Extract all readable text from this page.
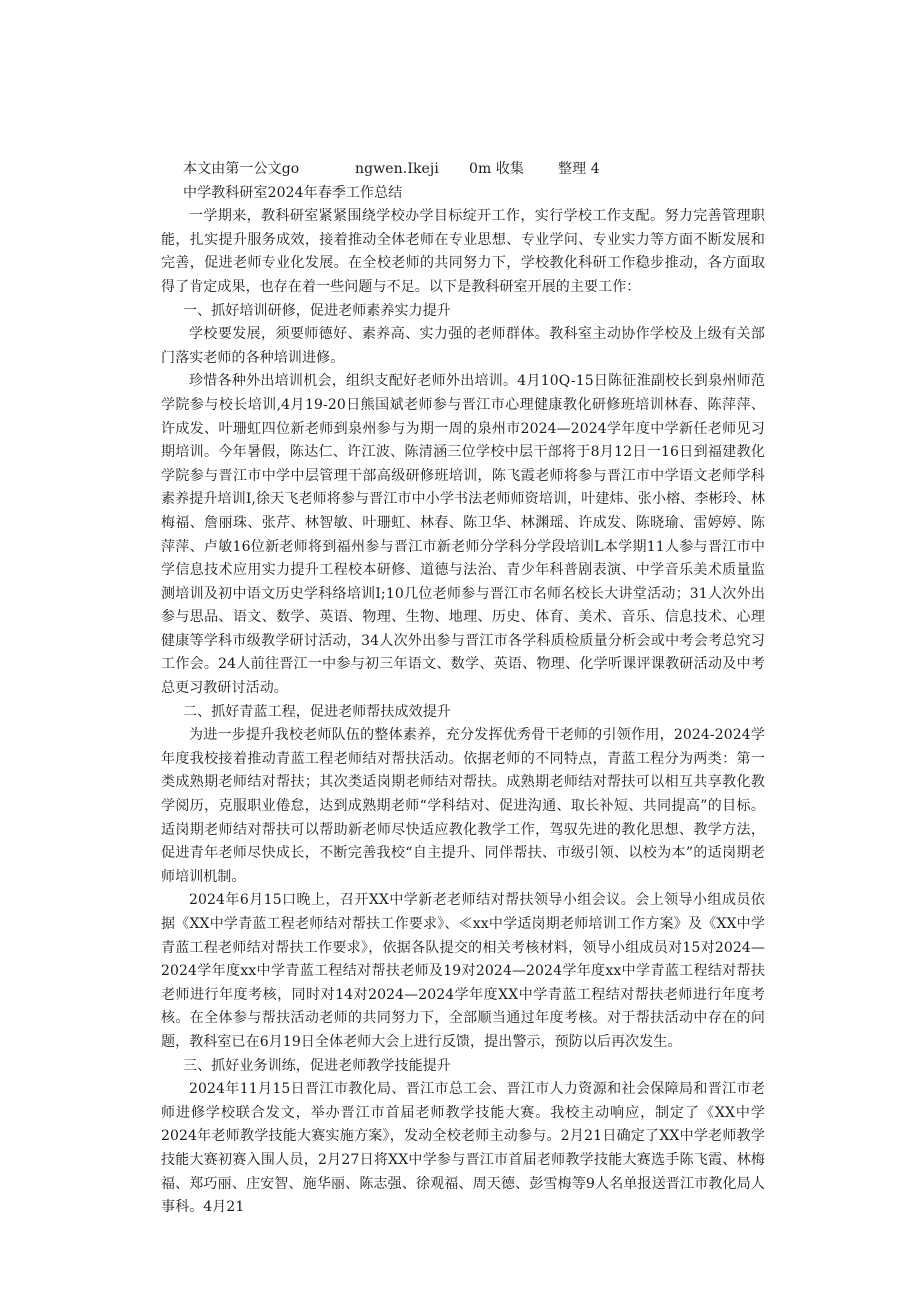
本文由第一公文go	ngwen.Ikeji 0m 收集 整理 4
中学教科研室2024年春季工作总结

一学期来，教科研室紧紧围绕学校办学目标绽开工作，实行学校工作支配。努力完善管理职能，扎实提升服务成效，接着推动全体老师在专业思想、专业学问、专业实力等方面不断发展和完善，促进老师专业化发展。在全校老师的共同努力下，学校教化科研工作稳步推动，各方面取得了肯定成果，也存在着一些问题与不足。以下是教科研室开展的主要工作：

一、抓好培训研修，促进老师素养实力提升

学校要发展，须要师德好、素养高、实力强的老师群体。教科室主动协作学校及上级有关部门落实老师的各种培训进修。

珍惜各种外出培训机会，组织支配好老师外出培训。4月10Q-15日陈征淮副校长到泉州师范学院参与校长培训,4月19-20日熊国斌老师参与晋江市心理健康教化研修班培训林春、陈萍萍、许成发、叶珊虹四位新老师到泉州参与为期一周的泉州市2024—2024学年度中学新任老师见习期培训。今年暑假，陈达仁、许江波、陈清涵三位学校中层干部将于8月12日一16日到福建教化学院参与晋江市中学中层管理干部高级研修班培训，陈飞霞老师将参与晋江市中学语文老师学科素养提升培训I,徐天飞老师将参与晋江市中小学书法老师师资培训，叶建炜、张小榕、李彬玲、林梅福、詹丽珠、张芹、林智敏、叶珊虹、林春、陈卫华、林渊瑶、许成发、陈晓瑜、雷婷婷、陈萍萍、卢敏16位新老师将到福州参与晋江市新老师分学科分学段培训L本学期11人参与晋江市中学信息技术应用实力提升工程校本研修、道德与法治、青少年科普剧表演、中学音乐美术质量监测培训及初中语文历史学科络培训I;10几位老师参与晋江市名师名校长大讲堂活动；31人次外出参与思品、语文、数学、英语、物理、生物、地理、历史、体育、美术、音乐、信息技术、心理健康等学科市级教学研讨活动，34人次外出参与晋江市各学科质检质量分析会或中考会考总究习工作会。24人前往晋江一中参与初三年语文、数学、英语、物理、化学听课评课教研活动及中考总更习教研讨活动。

二、抓好青蓝工程，促进老师帮扶成效提升

为进一步提升我校老师队伍的整体素养，充分发挥优秀骨干老师的引领作用，2024-2024学年度我校接着推动青蓝工程老师结对帮扶活动。依据老师的不同特点，青蓝工程分为两类：第一类成熟期老师结对帮扶；其次类适岗期老师结对帮扶。成熟期老师结对帮扶可以相互共享教化教学阅历，克服职业倦怠，达到成熟期老师“学科结对、促进沟通、取长补短、共同提高”的目标。适岗期老师结对帮扶可以帮助新老师尽快适应教化教学工作，驾驭先进的教化思想、教学方法，促进青年老师尽快成长，不断完善我校“自主提升、同伴帮扶、市级引领、以校为本”的适岗期老师培训机制。

2024年6月15口晚上，召开XX中学新老老师结对帮扶领导小组会议。会上领导小组成员依据《XX中学青蓝工程老师结对帮扶工作要求》、≪xx中学适岗期老师培训工作方案》及《XX中学青蓝工程老师结对帮扶工作要求》，依据各队提交的相关考核材料，领导小组成员对15对2024—2024学年度xx中学青蓝工程结对帮扶老师及19对2024—2024学年度xx中学青蓝工程结对帮扶老师进行年度考核，同时对14对2024—2024学年度XX中学青蓝工程结对帮扶老师进行年度考核。在全体参与帮扶活动老师的共同努力下，全部顺当通过年度考核。对于帮扶活动中存在的问题，教科室已在6月19日全体老师大会上进行反馈，提出警示，预防以后再次发生。

三、抓好业务训练，促进老师教学技能提升

2024年11月15日晋江市教化局、晋江市总工会、晋江市人力资源和社会保障局和晋江市老师进修学校联合发文，举办晋江市首届老师教学技能大赛。我校主动响应，制定了《XX中学2024年老师教学技能大赛实施方案》，发动全校老师主动参与。2月21日确定了XX中学老师教学技能大赛初赛入围人员，2月27日将XX中学参与晋江市首届老师教学技能大赛选手陈飞霞、林梅福、郑巧丽、庄安智、施华丽、陈志强、徐观福、周天德、彭雪梅等9人名单报送晋江市教化局人事科。4月21
